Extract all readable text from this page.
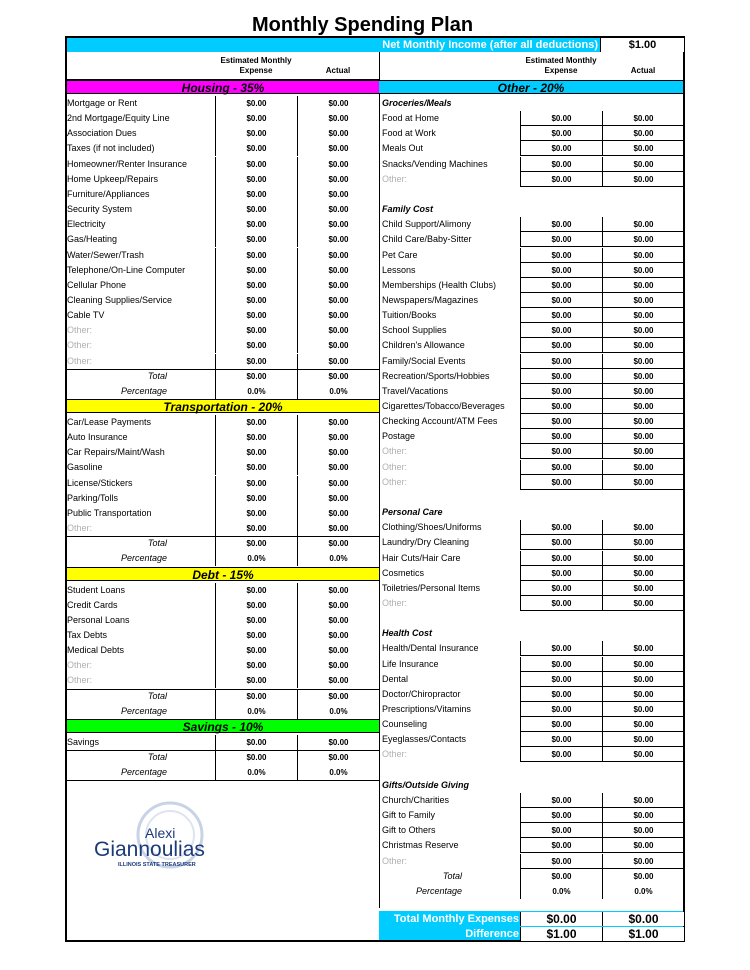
Monthly Spending Plan
Net Monthly Income (after all deductions)	$1.00
Estimated Monthly Expense	Actual
Estimated Monthly Expense	Actual
Alexi
Giannoulias
ILLINOIS STATE TREASURER
Total Monthly Expenses	$0.00	$0.00
Difference	$1.00	$1.00
Housing - 35%
Mortgage or Rent	$0.00	$0.00
2nd Mortgage/Equity Line	$0.00	$0.00
Association Dues	$0.00	$0.00
Taxes (if not included)	$0.00	$0.00
Homeowner/Renter Insurance	$0.00	$0.00
Home Upkeep/Repairs	$0.00	$0.00
Furniture/Appliances	$0.00	$0.00
Security System	$0.00	$0.00
Electricity	$0.00	$0.00
Gas/Heating	$0.00	$0.00
Water/Sewer/Trash	$0.00	$0.00
Telephone/On-Line Computer	$0.00	$0.00
Cellular Phone	$0.00	$0.00
Cleaning Supplies/Service	$0.00	$0.00
Cable TV	$0.00	$0.00
Other:	$0.00	$0.00
Other:	$0.00	$0.00
Other:	$0.00	$0.00
Total	$0.00	$0.00
Percentage	0.0%	0.0%
Transportation - 20%
Car/Lease Payments	$0.00	$0.00
Auto Insurance	$0.00	$0.00
Car Repairs/Maint/Wash	$0.00	$0.00
Gasoline	$0.00	$0.00
License/Stickers	$0.00	$0.00
Parking/Tolls	$0.00	$0.00
Public Transportation	$0.00	$0.00
Other:	$0.00	$0.00
Total	$0.00	$0.00
Percentage	0.0%	0.0%
Debt - 15%
Student Loans	$0.00	$0.00
Credit Cards	$0.00	$0.00
Personal Loans	$0.00	$0.00
Tax Debts	$0.00	$0.00
Medical Debts	$0.00	$0.00
Other:	$0.00	$0.00
Other:	$0.00	$0.00
Total	$0.00	$0.00
Percentage	0.0%	0.0%
Savings - 10%
Savings	$0.00	$0.00
Total	$0.00	$0.00
Percentage	0.0%	0.0%
Other - 20%
Groceries/Meals
Food at Home	$0.00	$0.00
Food at Work	$0.00	$0.00
Meals Out	$0.00	$0.00
Snacks/Vending Machines	$0.00	$0.00
Other:	$0.00	$0.00
Family Cost
Child Support/Alimony	$0.00	$0.00
Child Care/Baby-Sitter	$0.00	$0.00
Pet Care	$0.00	$0.00
Lessons	$0.00	$0.00
Memberships (Health Clubs)	$0.00	$0.00
Newspapers/Magazines	$0.00	$0.00
Tuition/Books	$0.00	$0.00
School Supplies	$0.00	$0.00
Children's Allowance	$0.00	$0.00
Family/Social Events	$0.00	$0.00
Recreation/Sports/Hobbies	$0.00	$0.00
Travel/Vacations	$0.00	$0.00
Cigarettes/Tobacco/Beverages	$0.00	$0.00
Checking Account/ATM Fees	$0.00	$0.00
Postage	$0.00	$0.00
Other:	$0.00	$0.00
Other:	$0.00	$0.00
Other:	$0.00	$0.00
Personal Care
Clothing/Shoes/Uniforms	$0.00	$0.00
Laundry/Dry Cleaning	$0.00	$0.00
Hair Cuts/Hair Care	$0.00	$0.00
Cosmetics	$0.00	$0.00
Toiletries/Personal Items	$0.00	$0.00
Other:	$0.00	$0.00
Health Cost
Health/Dental Insurance	$0.00	$0.00
Life Insurance	$0.00	$0.00
Dental	$0.00	$0.00
Doctor/Chiropractor	$0.00	$0.00
Prescriptions/Vitamins	$0.00	$0.00
Counseling	$0.00	$0.00
Eyeglasses/Contacts	$0.00	$0.00
Other:	$0.00	$0.00
Gifts/Outside Giving
Church/Charities	$0.00	$0.00
Gift to Family	$0.00	$0.00
Gift to Others	$0.00	$0.00
Christmas Reserve	$0.00	$0.00
Other:	$0.00	$0.00
Total	$0.00	$0.00
Percentage	0.0%	0.0%
